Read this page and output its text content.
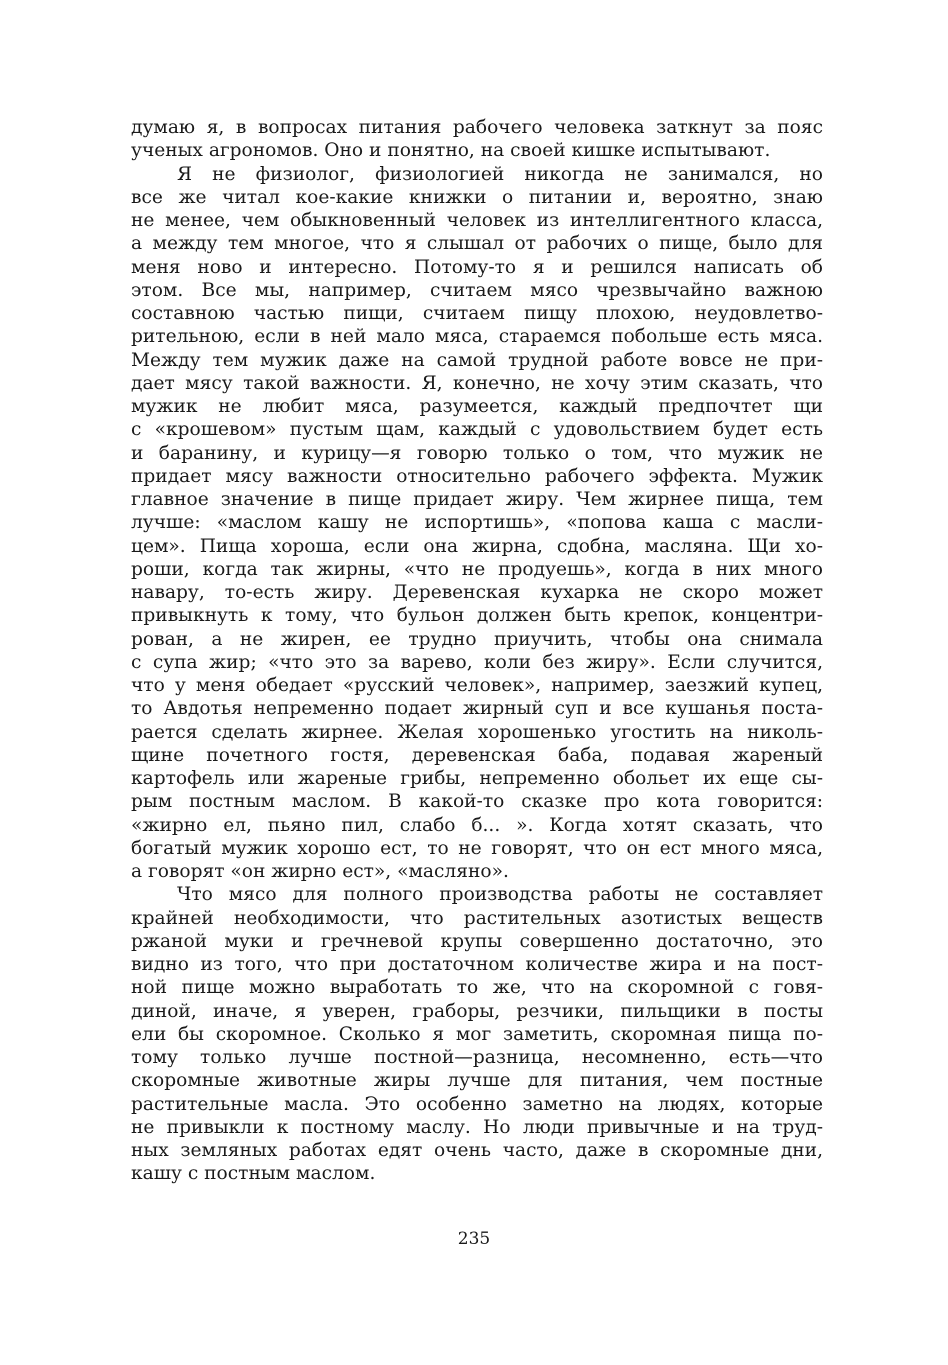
думаю я, в вопросах питания рабочего человека заткнут за пояс
ученых агрономов. Оно и понятно, на своей кишке испытывают.
Я не физиолог, физиологией никогда не занимался, но
все же читал кое-какие книжки о питании и, вероятно, знаю
не менее, чем обыкновенный человек из интеллигентного класса,
а между тем многое, что я слышал от рабочих о пище, было для
меня ново и интересно. Потому-то я и решился написать об
этом. Все мы, например, считаем мясо чрезвычайно важною
составною частью пищи, считаем пищу плохою, неудовлетво-
рительною, если в ней мало мяса, стараемся побольше есть мяса.
Между тем мужик даже на самой трудной работе вовсе не при-
дает мясу такой важности. Я, конечно, не хочу этим сказать, что
мужик не любит мяса, разумеется, каждый предпочтет щи
с «крошевом» пустым щам, каждый с удовольствием будет есть
и баранину, и курицу—я говорю только о том, что мужик не
придает мясу важности относительно рабочего эффекта. Мужик
главное значение в пище придает жиру. Чем жирнее пища, тем
лучше: «маслом кашу не испортишь», «попова каша с масли-
цем». Пища хороша, если она жирна, сдобна, масляна. Щи хо-
роши, когда так жирны, «что не продуешь», когда в них много
навару, то-есть жиру. Деревенская кухарка не скоро может
привыкнуть к тому, что бульон должен быть крепок, концентри-
рован, а не жирен, ее трудно приучить, чтобы она снимала
с супа жир; «что это за варево, коли без жиру». Если случится,
что у меня обедает «русский человек», например, заезжий купец,
то Авдотья непременно подает жирный суп и все кушанья поста-
рается сделать жирнее. Желая хорошенько угостить на николь-
щине почетного гостя, деревенская баба, подавая жареный
картофель или жареные грибы, непременно обольет их еще сы-
рым постным маслом. В какой-то сказке про кота говорится:
«жирно ел, пьяно пил, слабо б... ». Когда хотят сказать, что
богатый мужик хорошо ест, то не говорят, что он ест много мяса,
а говорят «он жирно ест», «масляно».
Что мясо для полного производства работы не составляет
крайней необходимости, что растительных азотистых веществ
ржаной муки и гречневой крупы совершенно достаточно, это
видно из того, что при достаточном количестве жира и на пост-
ной пище можно выработать то же, что на скоромной с говя-
диной, иначе, я уверен, граборы, резчики, пильщики в посты
ели бы скоромное. Сколько я мог заметить, скоромная пища по-
тому только лучше постной—разница, несомненно, есть—что
скоромные животные жиры лучше для питания, чем постные
растительные масла. Это особенно заметно на людях, которые
не привыкли к постному маслу. Но люди привычные и на труд-
ных земляных работах едят очень часто, даже в скоромные дни,
кашу с постным маслом.
235
